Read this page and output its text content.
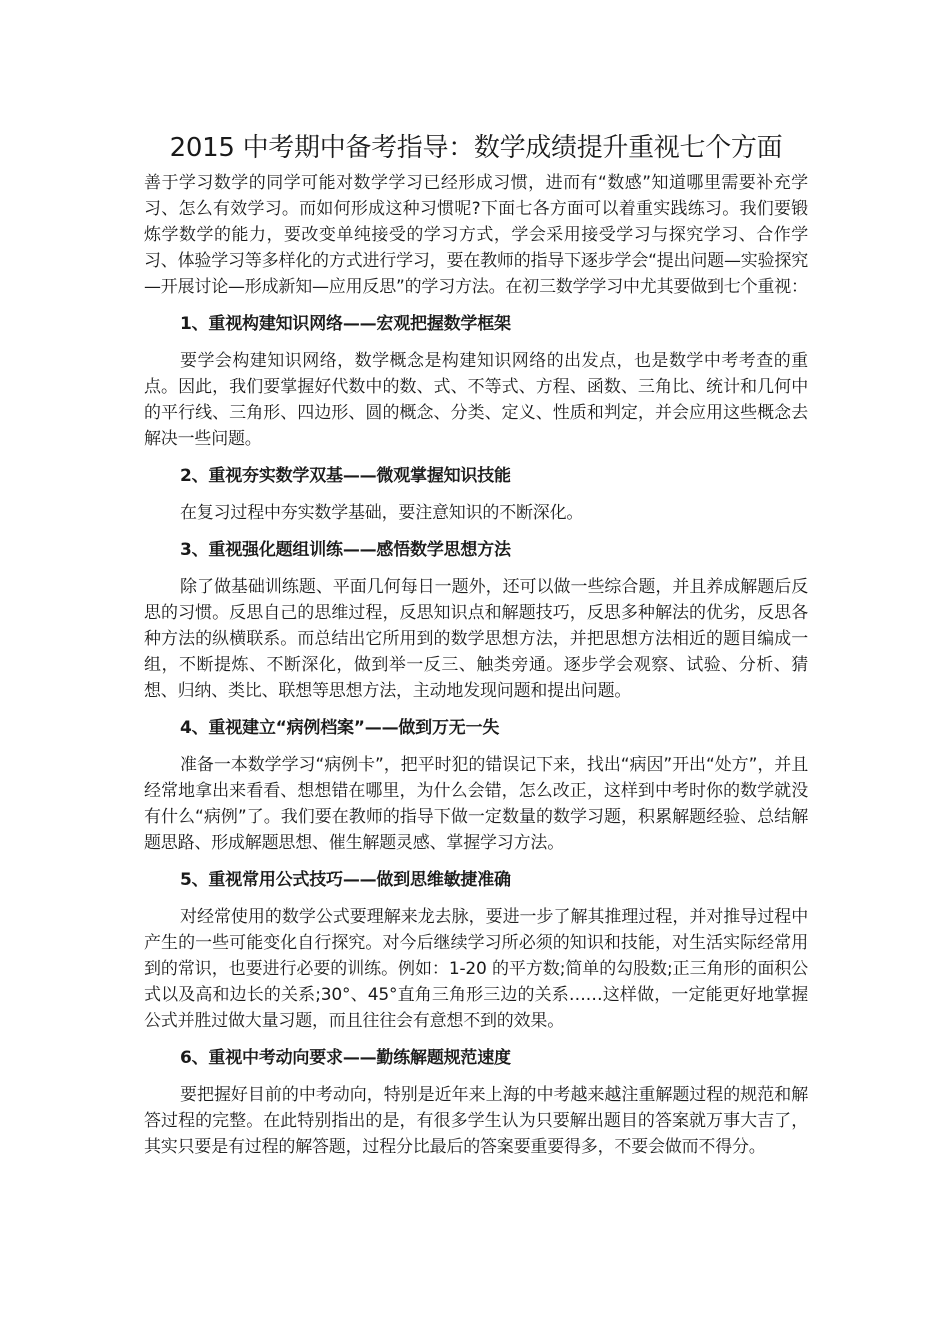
2015 中考期中备考指导：数学成绩提升重视七个方面

善于学习数学的同学可能对数学学习已经形成习惯，进而有“数感”知道哪里需要补充学习、怎么有效学习。而如何形成这种习惯呢?下面七各方面可以着重实践练习。我们要锻炼学数学的能力，要改变单纯接受的学习方式，学会采用接受学习与探究学习、合作学习、体验学习等多样化的方式进行学习，要在教师的指导下逐步学会“提出问题—实验探究—开展讨论—形成新知—应用反思”的学习方法。在初三数学学习中尤其要做到七个重视：

1、重视构建知识网络——宏观把握数学框架

要学会构建知识网络，数学概念是构建知识网络的出发点，也是数学中考考查的重点。因此，我们要掌握好代数中的数、式、不等式、方程、函数、三角比、统计和几何中的平行线、三角形、四边形、圆的概念、分类、定义、性质和判定，并会应用这些概念去解决一些问题。

2、重视夯实数学双基——微观掌握知识技能

在复习过程中夯实数学基础，要注意知识的不断深化。

3、重视强化题组训练——感悟数学思想方法

除了做基础训练题、平面几何每日一题外，还可以做一些综合题，并且养成解题后反思的习惯。反思自己的思维过程，反思知识点和解题技巧，反思多种解法的优劣，反思各种方法的纵横联系。而总结出它所用到的数学思想方法，并把思想方法相近的题目编成一组，不断提炼、不断深化，做到举一反三、触类旁通。逐步学会观察、试验、分析、猜想、归纳、类比、联想等思想方法，主动地发现问题和提出问题。

4、重视建立“病例档案”——做到万无一失

准备一本数学学习“病例卡”，把平时犯的错误记下来，找出“病因”开出“处方”，并且经常地拿出来看看、想想错在哪里，为什么会错，怎么改正，这样到中考时你的数学就没有什么“病例”了。我们要在教师的指导下做一定数量的数学习题，积累解题经验、总结解题思路、形成解题思想、催生解题灵感、掌握学习方法。

5、重视常用公式技巧——做到思维敏捷准确

对经常使用的数学公式要理解来龙去脉，要进一步了解其推理过程，并对推导过程中产生的一些可能变化自行探究。对今后继续学习所必须的知识和技能，对生活实际经常用到的常识，也要进行必要的训练。例如：1-20 的平方数;简单的勾股数;正三角形的面积公式以及高和边长的关系;30°、45°直角三角形三边的关系……这样做，一定能更好地掌握公式并胜过做大量习题，而且往往会有意想不到的效果。

6、重视中考动向要求——勤练解题规范速度

要把握好目前的中考动向，特别是近年来上海的中考越来越注重解题过程的规范和解答过程的完整。在此特别指出的是，有很多学生认为只要解出题目的答案就万事大吉了，其实只要是有过程的解答题，过程分比最后的答案要重要得多，不要会做而不得分。
